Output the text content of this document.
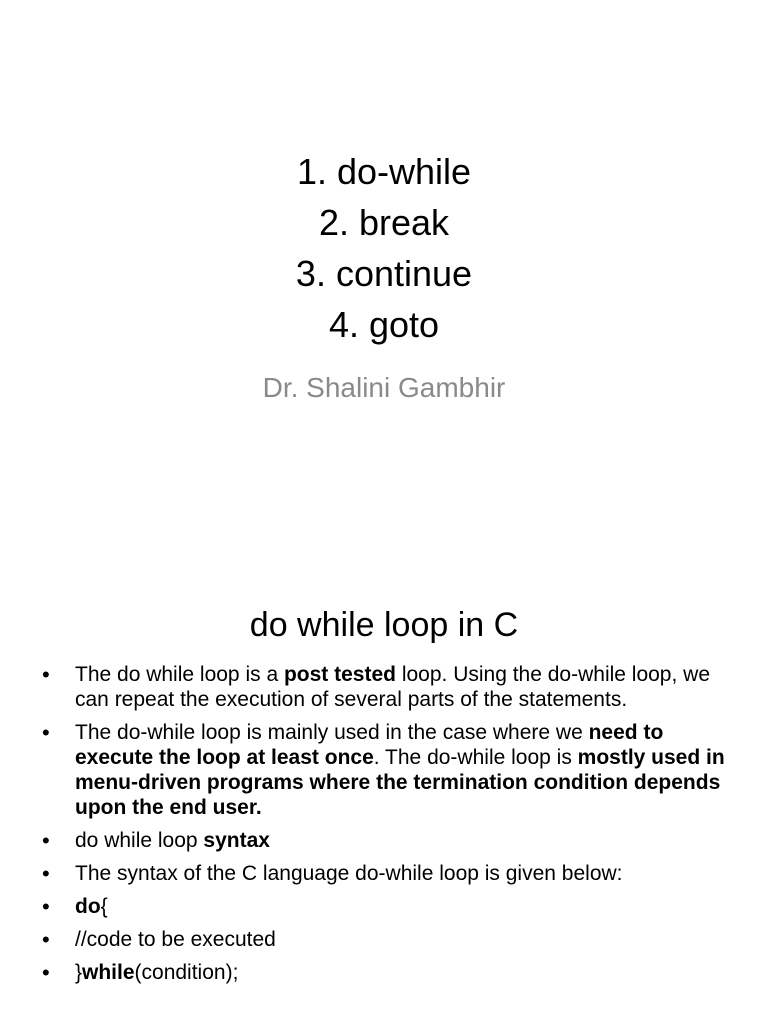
1. do-while
2. break
3. continue
4. goto
Dr. Shalini Gambhir
do while loop in C
• The do while loop is a post tested loop. Using the do-while loop, we can repeat the execution of several parts of the statements.
• The do-while loop is mainly used in the case where we need to execute the loop at least once. The do-while loop is mostly used in menu-driven programs where the termination condition depends upon the end user.
• do while loop syntax
• The syntax of the C language do-while loop is given below:
• do{
• //code to be executed
• }while(condition);
